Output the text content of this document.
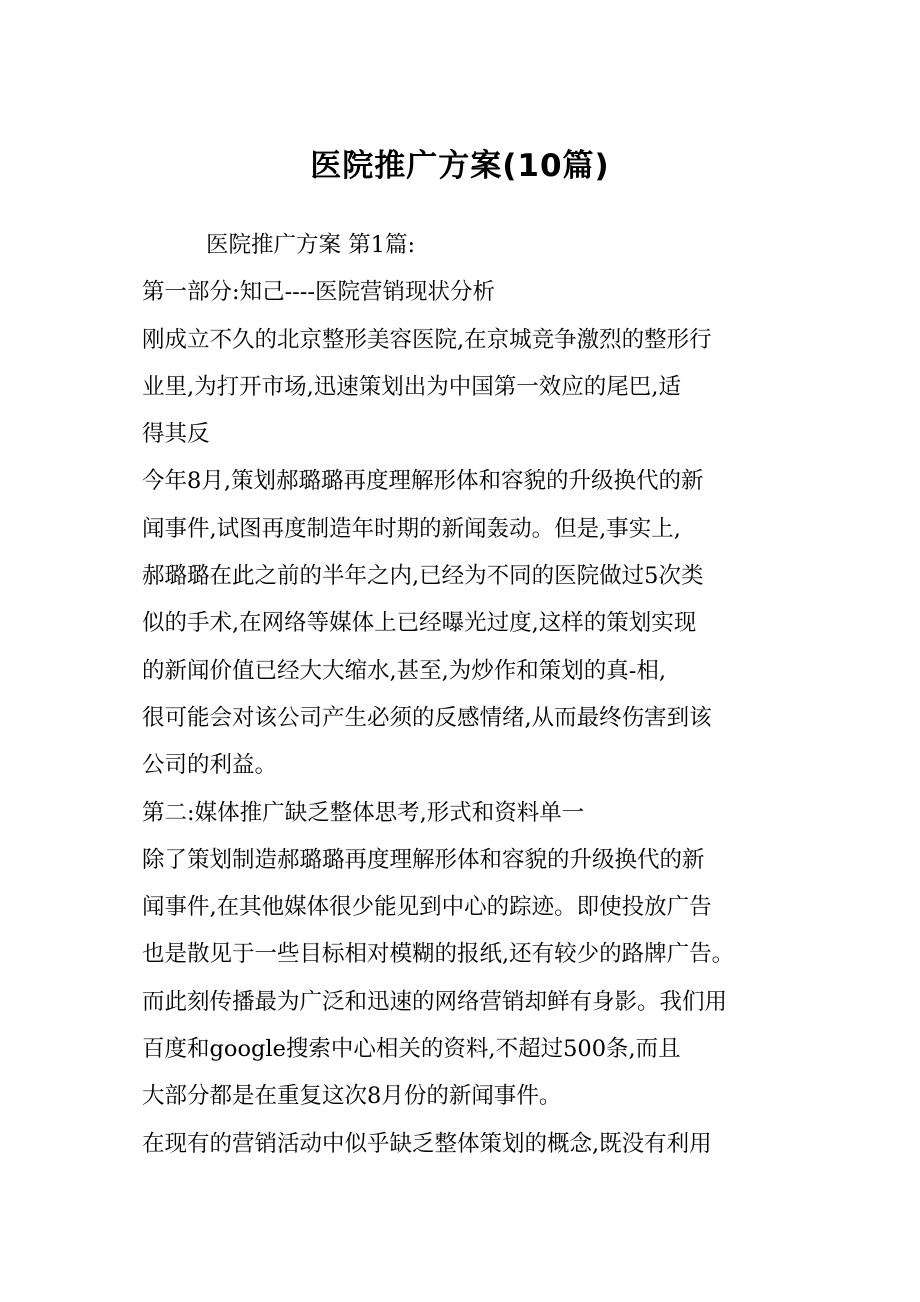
医院推广方案(10篇)
医院推广方案 第1篇:
第一部分:知己----医院营销现状分析
刚成立不久的北京整形美容医院,在京城竞争激烈的整形行
业里,为打开市场,迅速策划出为中国第一效应的尾巴,适
得其反
今年8月,策划郝璐璐再度理解形体和容貌的升级换代的新
闻事件,试图再度制造年时期的新闻轰动。但是,事实上,
郝璐璐在此之前的半年之内,已经为不同的医院做过5次类
似的手术,在网络等媒体上已经曝光过度,这样的策划实现
的新闻价值已经大大缩水,甚至,为炒作和策划的真-相,
很可能会对该公司产生必须的反感情绪,从而最终伤害到该
公司的利益。
第二:媒体推广缺乏整体思考,形式和资料单一
除了策划制造郝璐璐再度理解形体和容貌的升级换代的新
闻事件,在其他媒体很少能见到中心的踪迹。即使投放广告
也是散见于一些目标相对模糊的报纸,还有较少的路牌广告。
而此刻传播最为广泛和迅速的网络营销却鲜有身影。我们用
百度和google搜索中心相关的资料,不超过500条,而且
大部分都是在重复这次8月份的新闻事件。
在现有的营销活动中似乎缺乏整体策划的概念,既没有利用
